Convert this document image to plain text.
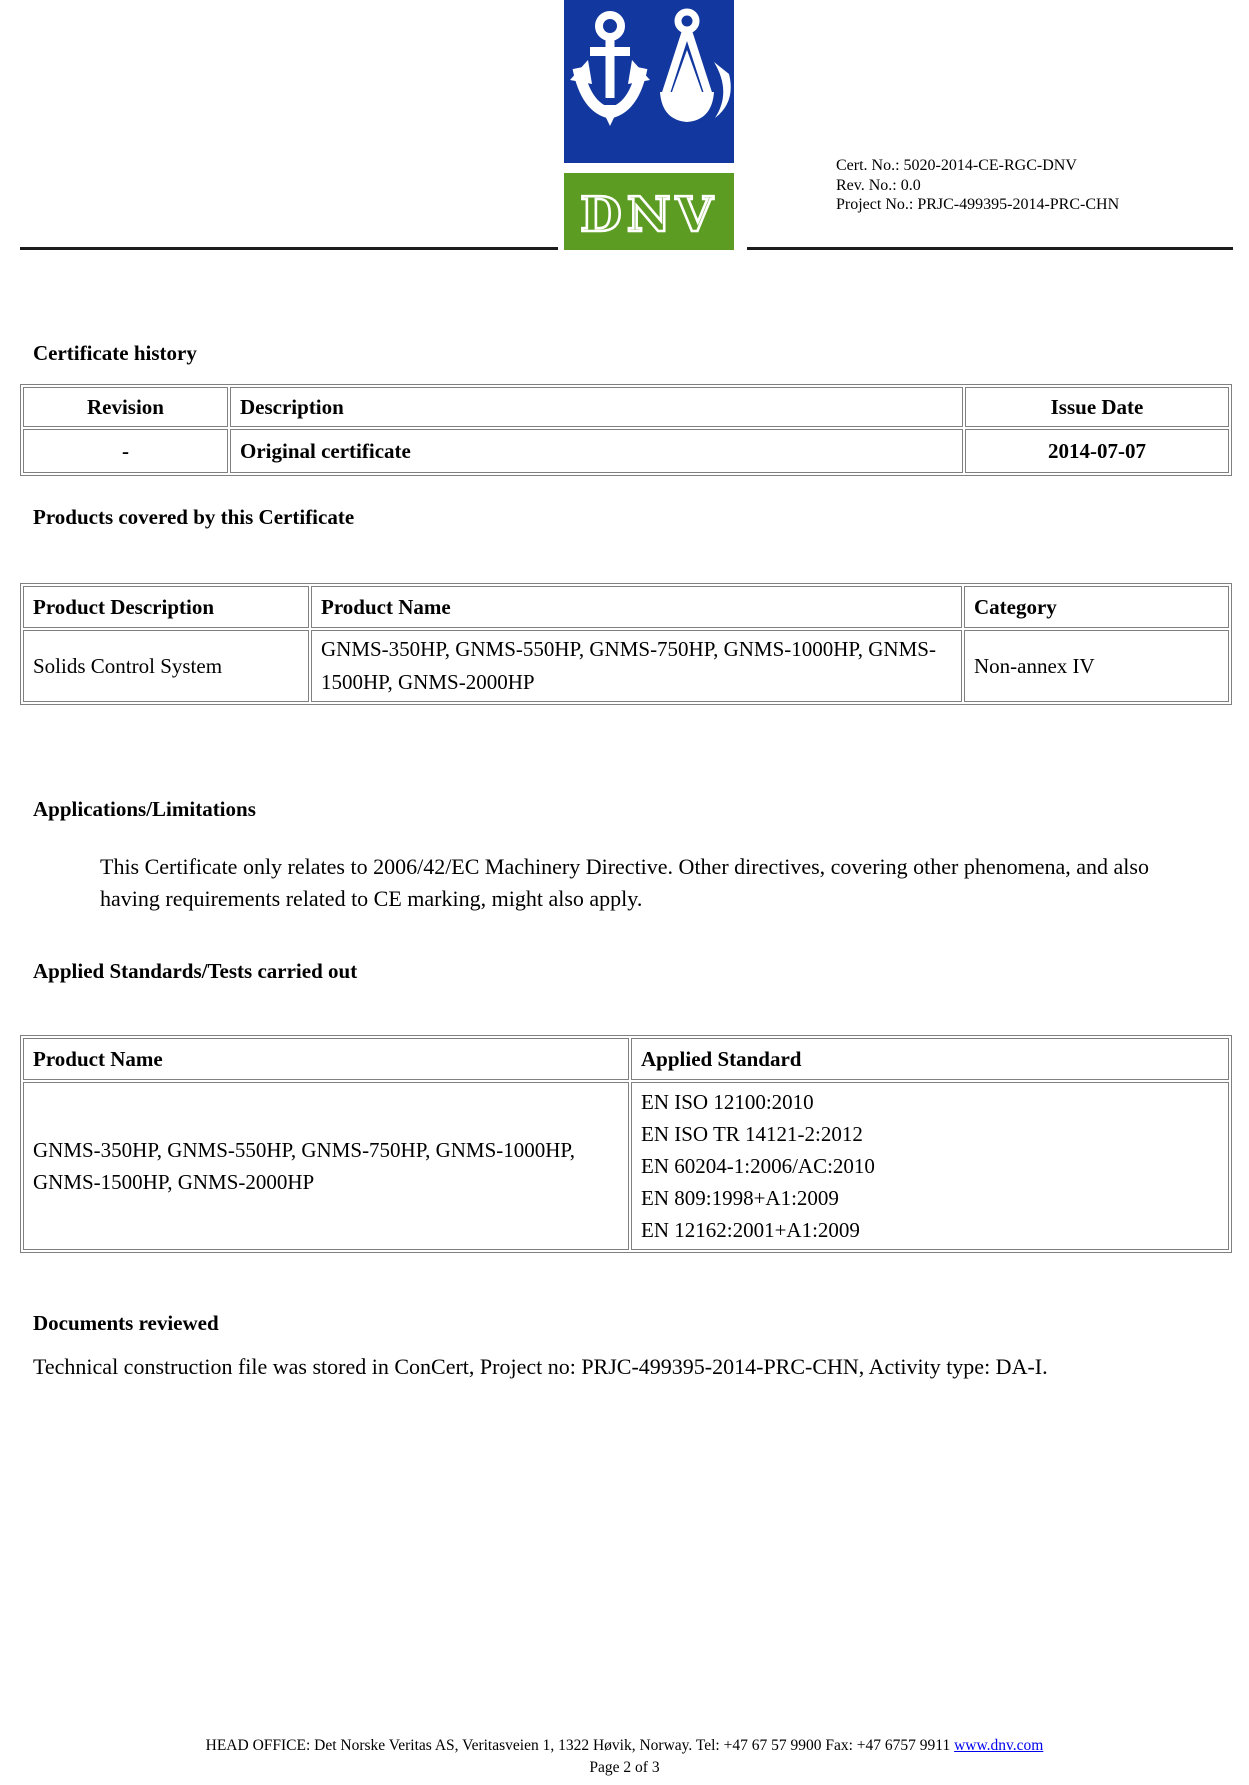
DNV
Cert. No.: 5020-2014-CE-RGC-DNV
Rev. No.: 0.0
Project No.: PRJC-499395-2014-PRC-CHN
Certificate history
Revision	Description	Issue Date
-	Original certificate	2014-07-07
Products covered by this Certificate
Product Description	Product Name	Category
Solids Control System	GNMS-350HP, GNMS-550HP, GNMS-750HP, GNMS-1000HP, GNMS-1500HP, GNMS-2000HP	Non-annex IV
Applications/Limitations
This Certificate only relates to 2006/42/EC Machinery Directive. Other directives, covering other phenomena, and also having requirements related to CE marking, might also apply.
Applied Standards/Tests carried out
Product Name	Applied Standard
GNMS-350HP, GNMS-550HP, GNMS-750HP, GNMS-1000HP, GNMS-1500HP, GNMS-2000HP	EN ISO 12100:2010
EN ISO TR 14121-2:2012
EN 60204-1:2006/AC:2010
EN 809:1998+A1:2009
EN 12162:2001+A1:2009
Documents reviewed
Technical construction file was stored in ConCert, Project no: PRJC-499395-2014-PRC-CHN, Activity type: DA-I.
HEAD OFFICE: Det Norske Veritas AS, Veritasveien 1, 1322 Høvik, Norway. Tel: +47 67 57 9900 Fax: +47 6757 9911 www.dnv.com
Page 2 of 3
